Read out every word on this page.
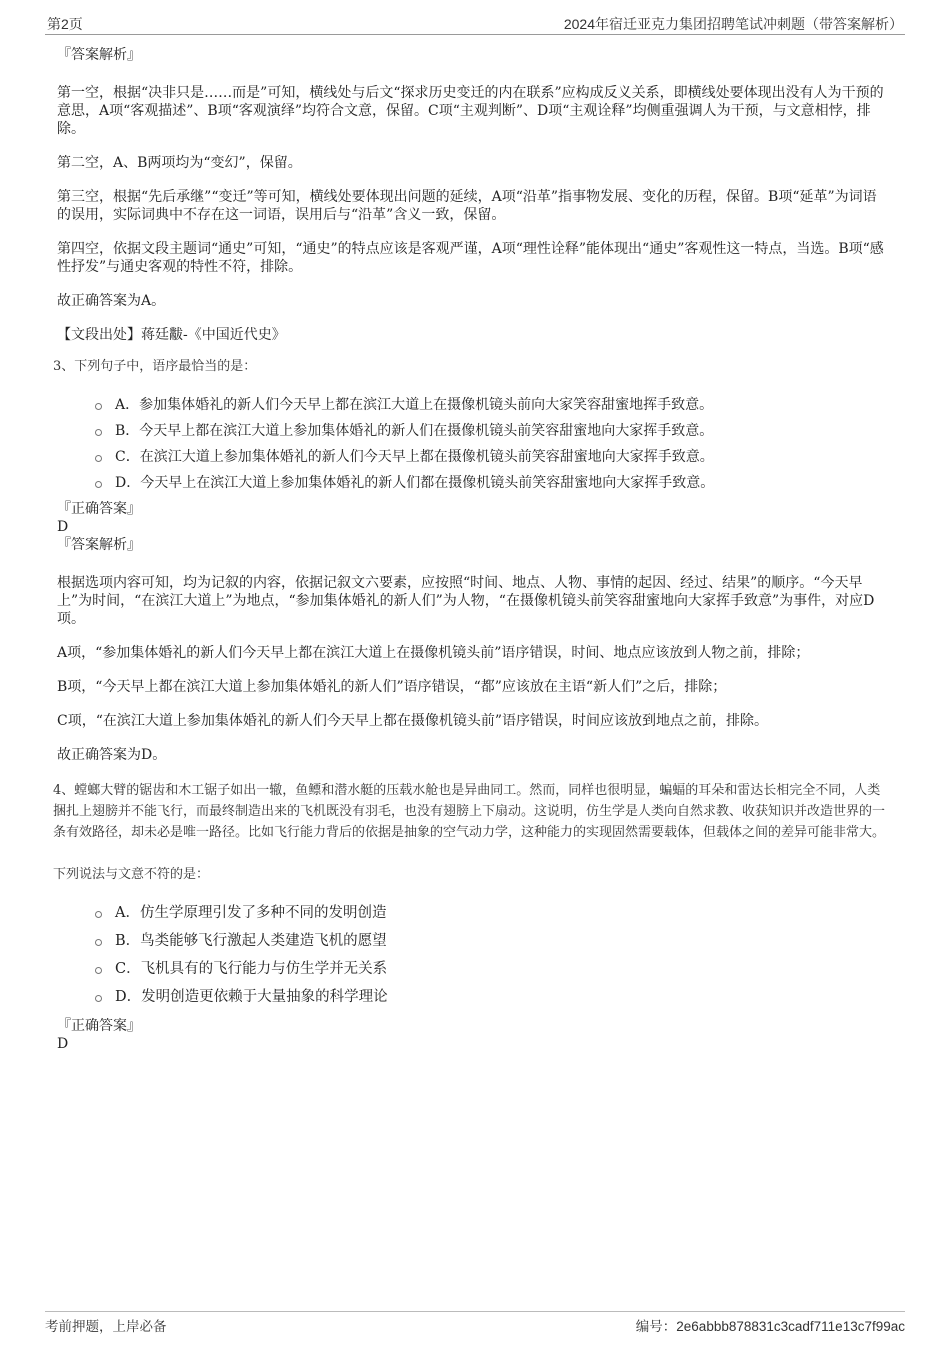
第2页	2024年宿迁亚克力集团招聘笔试冲刺题（带答案解析）

『答案解析』

第一空，根据“决非只是……而是”可知，横线处与后文“探求历史变迁的内在联系”应构成反义关系，即横线处要体现出没有人为干预的意思，A项“客观描述”、B项“客观演绎”均符合文意，保留。C项“主观判断”、D项“主观诠释”均侧重强调人为干预，与文意相悖，排除。

第二空，A、B两项均为“变幻”，保留。

第三空，根据“先后承继”“变迁”等可知，横线处要体现出问题的延续，A项“沿革”指事物发展、变化的历程，保留。B项“延革”为词语的误用，实际词典中不存在这一词语，误用后与“沿革”含义一致，保留。

第四空，依据文段主题词“通史”可知，“通史”的特点应该是客观严谨，A项“理性诠释”能体现出“通史”客观性这一特点，当选。B项“感性抒发”与通史客观的特性不符，排除。

故正确答案为A。

【文段出处】蒋廷黻-《中国近代史》

3、下列句子中，语序最恰当的是：

A．参加集体婚礼的新人们今天早上都在滨江大道上在摄像机镜头前向大家笑容甜蜜地挥手致意。
B．今天早上都在滨江大道上参加集体婚礼的新人们在摄像机镜头前笑容甜蜜地向大家挥手致意。
C．在滨江大道上参加集体婚礼的新人们今天早上都在摄像机镜头前笑容甜蜜地向大家挥手致意。
D．今天早上在滨江大道上参加集体婚礼的新人们都在摄像机镜头前笑容甜蜜地向大家挥手致意。

『正确答案』

D

『答案解析』

根据选项内容可知，均为记叙的内容，依据记叙文六要素，应按照“时间、地点、人物、事情的起因、经过、结果”的顺序。“今天早上”为时间，“在滨江大道上”为地点，“参加集体婚礼的新人们”为人物，“在摄像机镜头前笑容甜蜜地向大家挥手致意”为事件，对应D项。

A项，“参加集体婚礼的新人们今天早上都在滨江大道上在摄像机镜头前”语序错误，时间、地点应该放到人物之前，排除；

B项，“今天早上都在滨江大道上参加集体婚礼的新人们”语序错误，“都”应该放在主语“新人们”之后，排除；

C项，“在滨江大道上参加集体婚礼的新人们今天早上都在摄像机镜头前”语序错误，时间应该放到地点之前，排除。

故正确答案为D。

4、螳螂大臂的锯齿和木工锯子如出一辙，鱼鳔和潜水艇的压载水舱也是异曲同工。然而，同样也很明显，蝙蝠的耳朵和雷达长相完全不同，人类捆扎上翅膀并不能飞行，而最终制造出来的飞机既没有羽毛，也没有翅膀上下扇动。这说明，仿生学是人类向自然求教、收获知识并改造世界的一条有效路径，却未必是唯一路径。比如飞行能力背后的依据是抽象的空气动力学，这种能力的实现固然需要载体，但载体之间的差异可能非常大。

下列说法与文意不符的是：

A．仿生学原理引发了多种不同的发明创造
B．鸟类能够飞行激起人类建造飞机的愿望
C．飞机具有的飞行能力与仿生学并无关系
D．发明创造更依赖于大量抽象的科学理论

『正确答案』

D

考前押题，上岸必备	编号：2e6abbb878831c3cadf711e13c7f99ac
